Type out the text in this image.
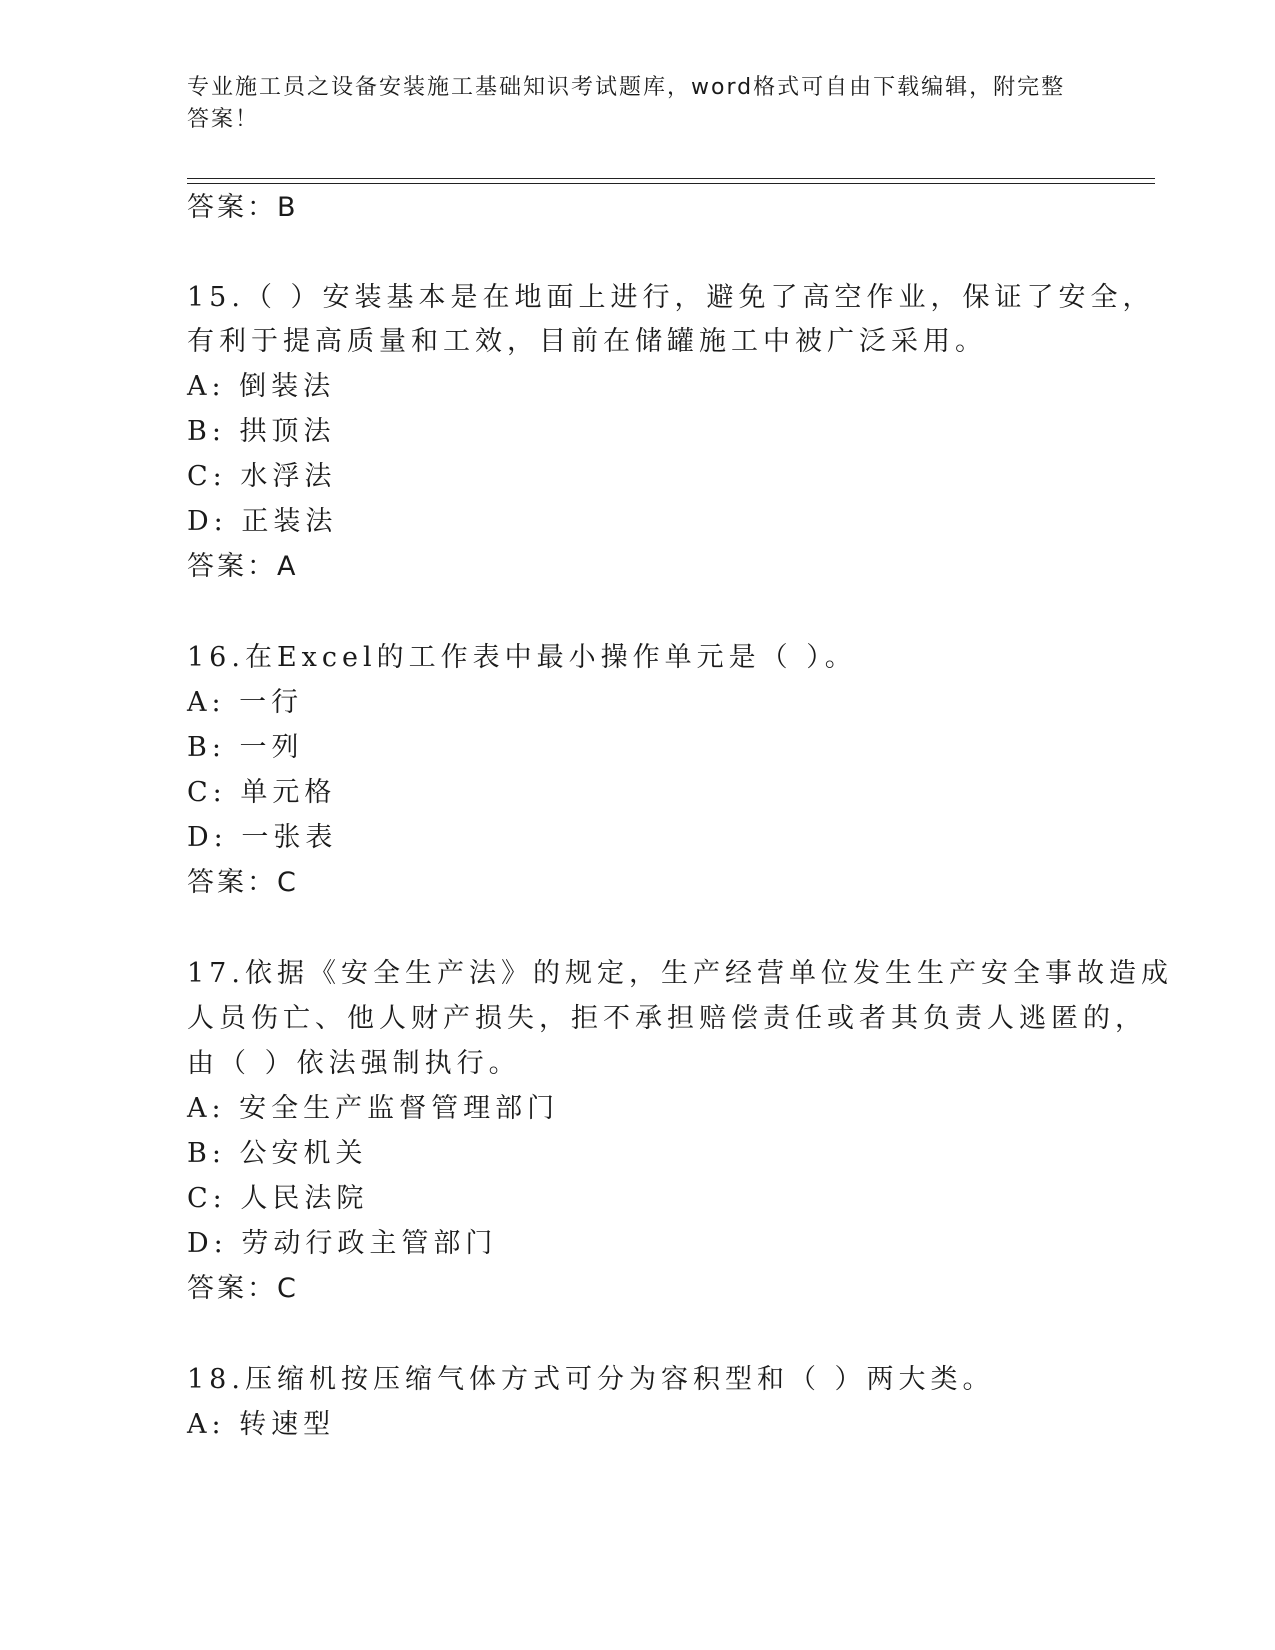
专业施工员之设备安装施工基础知识考试题库，word格式可自由下载编辑，附完整答案！
答案：B
15.（ ）安装基本是在地面上进行，避免了高空作业，保证了安全，
有利于提高质量和工效，目前在储罐施工中被广泛采用。
A: 倒装法
B: 拱顶法
C: 水浮法
D: 正装法
答案：A
16.在Excel的工作表中最小操作单元是（ ）。
A: 一行
B: 一列
C: 单元格
D: 一张表
答案：C
17.依据《安全生产法》的规定，生产经营单位发生生产安全事故造成
人员伤亡、他人财产损失，拒不承担赔偿责任或者其负责人逃匿的，
由（ ）依法强制执行。
A: 安全生产监督管理部门
B: 公安机关
C: 人民法院
D: 劳动行政主管部门
答案：C
18.压缩机按压缩气体方式可分为容积型和（ ）两大类。
A: 转速型
